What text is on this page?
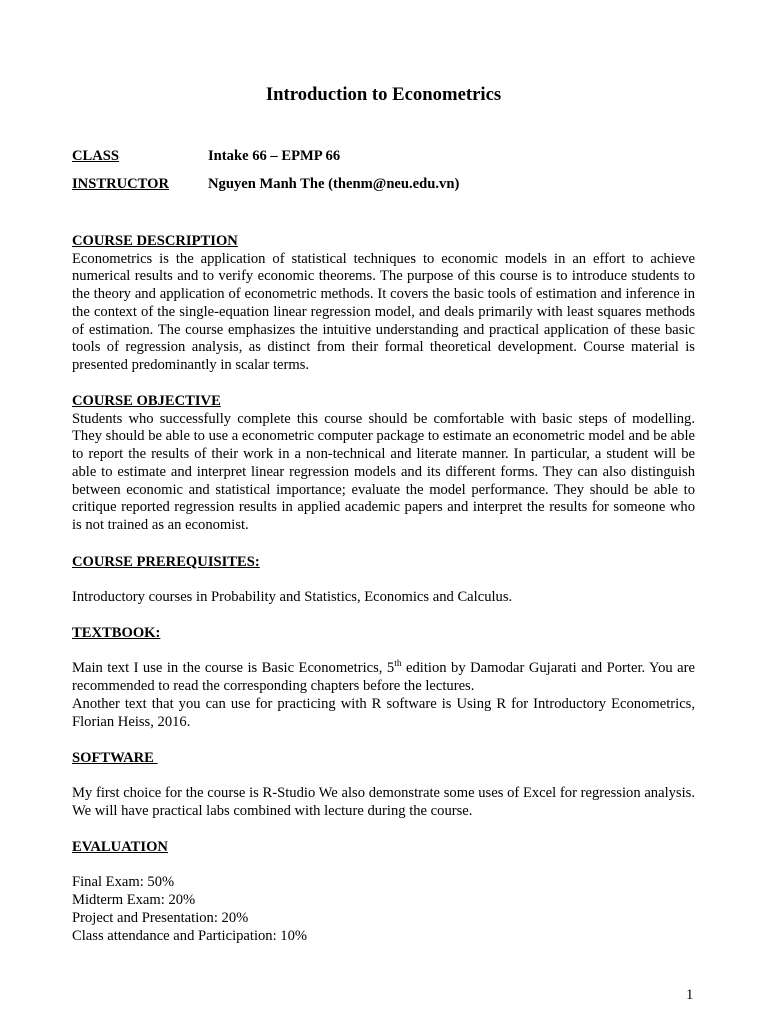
Introduction to Econometrics
CLASS	Intake 66 – EPMP 66
INSTRUCTOR	Nguyen Manh The (thenm@neu.edu.vn)
COURSE DESCRIPTION
Econometrics is the application of statistical techniques to economic models in an effort to achieve numerical results and to verify economic theorems. The purpose of this course is to introduce students to the theory and application of econometric methods. It covers the basic tools of estimation and inference in the context of the single-equation linear regression model, and deals primarily with least squares methods of estimation. The course emphasizes the intuitive understanding and practical application of these basic tools of regression analysis, as distinct from their formal theoretical development. Course material is presented predominantly in scalar terms.
COURSE OBJECTIVE
Students who successfully complete this course should be comfortable with basic steps of modelling. They should be able to use a econometric computer package to estimate an econometric model and be able to report the results of their work in a non-technical and literate manner. In particular, a student will be able to estimate and interpret linear regression models and its different forms. They can also distinguish between economic and statistical importance; evaluate the model performance. They should be able to critique reported regression results in applied academic papers and interpret the results for someone who is not trained as an economist.
COURSE PREREQUISITES:
Introductory courses in Probability and Statistics, Economics and Calculus.
TEXTBOOK:
Main text I use in the course is Basic Econometrics, 5th edition by Damodar Gujarati and Porter. You are recommended to read the corresponding chapters before the lectures.
Another text that you can use for practicing with R software is Using R for Introductory Econometrics, Florian Heiss, 2016.
SOFTWARE
My first choice for the course is R-Studio We also demonstrate some uses of Excel for regression analysis. We will have practical labs combined with lecture during the course.
EVALUATION
Final Exam: 50%
Midterm Exam: 20%
Project and Presentation: 20%
Class attendance and Participation: 10%
1
